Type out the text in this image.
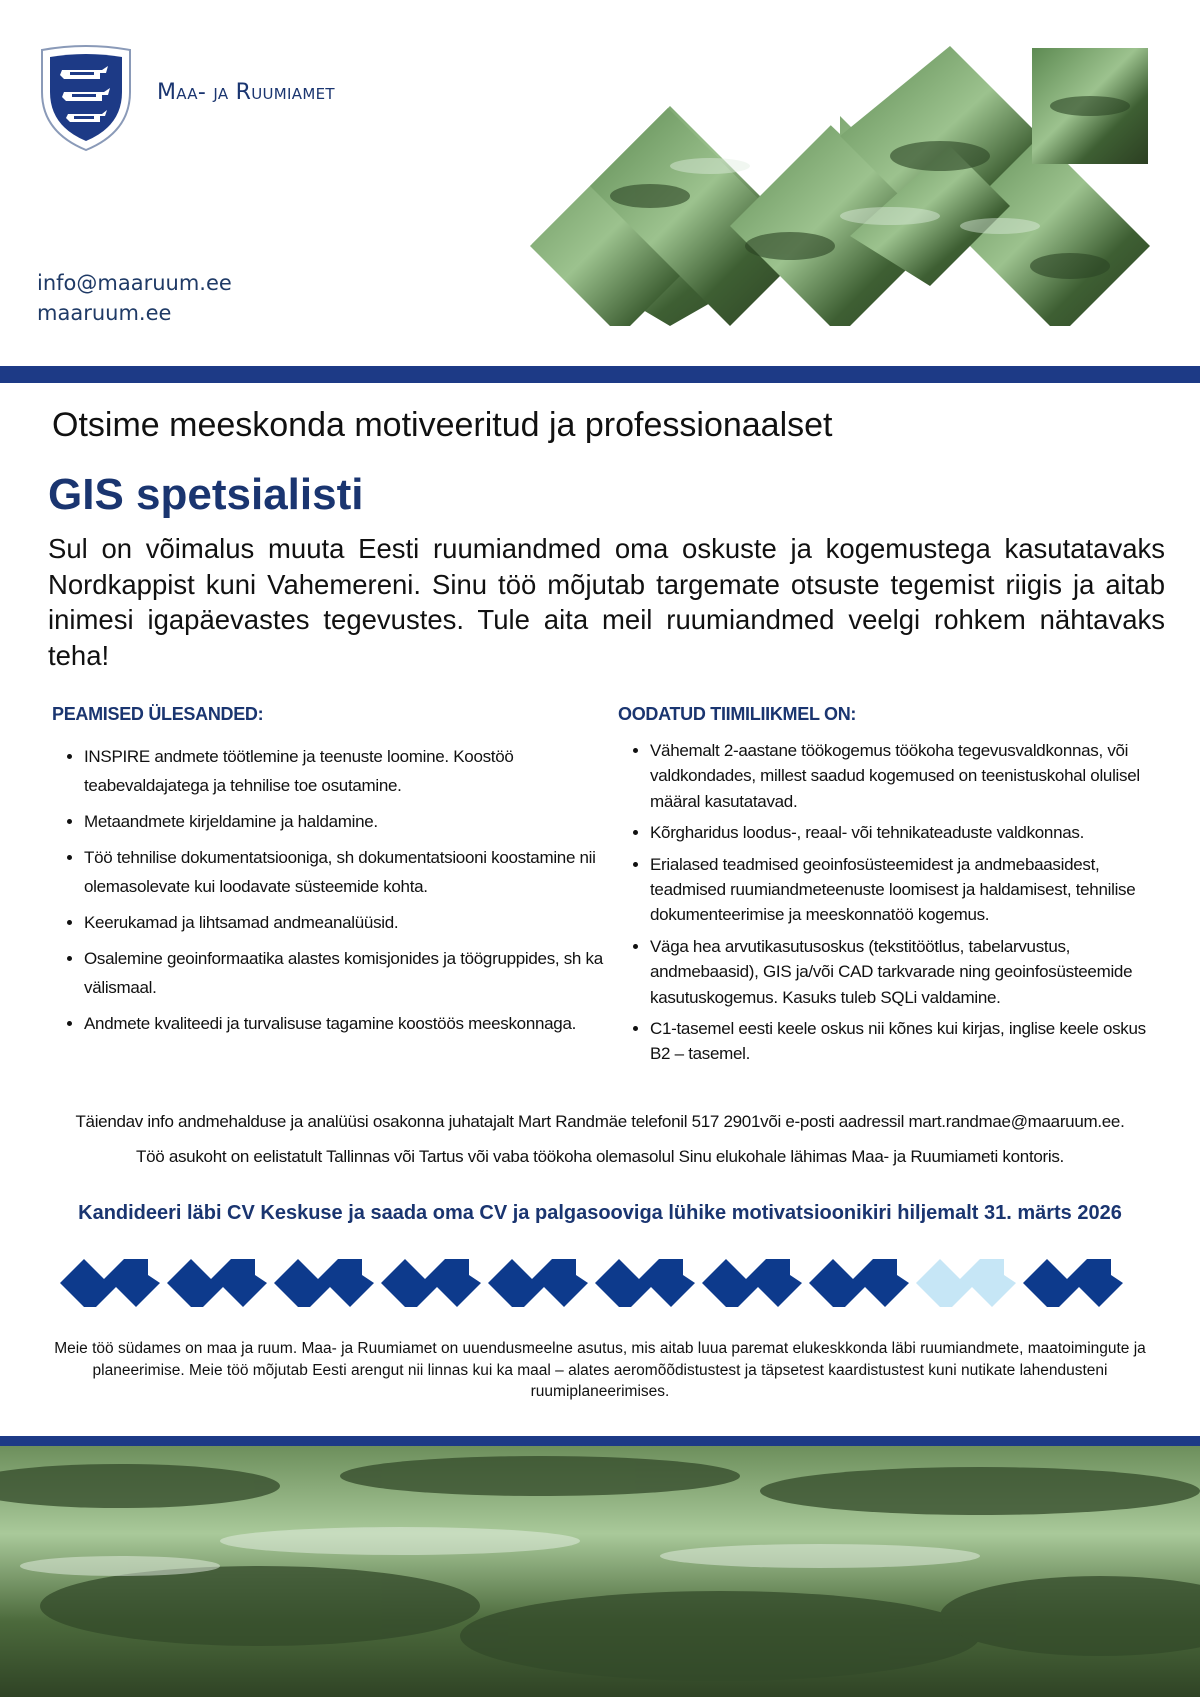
Maa- ja Ruumiamet
info@maaruum.ee
maaruum.ee
Otsime meeskonda motiveeritud ja professionaalset
GIS spetsialisti
Sul on võimalus muuta Eesti ruumiandmed oma oskuste ja kogemustega kasutatavaks Nordkappist kuni Vahemereni. Sinu töö mõjutab targemate otsuste tegemist riigis ja aitab inimesi igapäevastes tegevustes. Tule aita meil ruumiandmed veelgi rohkem nähtavaks teha!
PEAMISED ÜLESANDED:
• INSPIRE andmete töötlemine ja teenuste loomine. Koostöö teabevaldajatega ja tehnilise toe osutamine.
• Metaandmete kirjeldamine ja haldamine.
• Töö tehnilise dokumentatsiooniga, sh dokumentatsiooni koostamine nii olemasolevate kui loodavate süsteemide kohta.
• Keerukamad ja lihtsamad andmeanalüüsid.
• Osalemine geoinformaatika alastes komisjonides ja töögruppides, sh ka välismaal.
• Andmete kvaliteedi ja turvalisuse tagamine koostöös meeskonnaga.
OODATUD TIIMILIIKMEL ON:
• Vähemalt 2-aastane töökogemus töökoha tegevusvaldkonnas, või valdkondades, millest saadud kogemused on teenistuskohal olulisel määral kasutatavad.
• Kõrgharidus loodus-, reaal- või tehnikateaduste valdkonnas.
• Erialased teadmised geoinfosüsteemidest ja andmebaasidest, teadmised ruumiandmeteenuste loomisest ja haldamisest, tehnilise dokumenteerimise ja meeskonnatöö kogemus.
• Väga hea arvutikasutusoskus (tekstitöötlus, tabelarvustus, andmebaasid), GIS ja/või CAD tarkvarade ning geoinfosüsteemide kasutuskogemus. Kasuks tuleb SQLi valdamine.
• C1-tasemel eesti keele oskus nii kõnes kui kirjas, inglise keele oskus B2 – tasemel.
Täiendav info andmehalduse ja analüüsi osakonna juhatajalt Mart Randmäe telefonil 517 2901või e-posti aadressil mart.randmae@maaruum.ee.
Töö asukoht on eelistatult Tallinnas või Tartus või vaba töökoha olemasolul Sinu elukohale lähimas Maa- ja Ruumiameti kontoris.
Kandideeri läbi CV Keskuse ja saada oma CV ja palgasooviga lühike motivatsioonikiri hiljemalt 31. märts 2026
Meie töö südames on maa ja ruum. Maa- ja Ruumiamet on uuendusmeelne asutus, mis aitab luua paremat elukeskkonda läbi ruumiandmete, maatoimingute ja planeerimise. Meie töö mõjutab Eesti arengut nii linnas kui ka maal – alates aeromõõdistustest ja täpsetest kaardistustest kuni nutikate lahendusteni ruumiplaneerimises.
